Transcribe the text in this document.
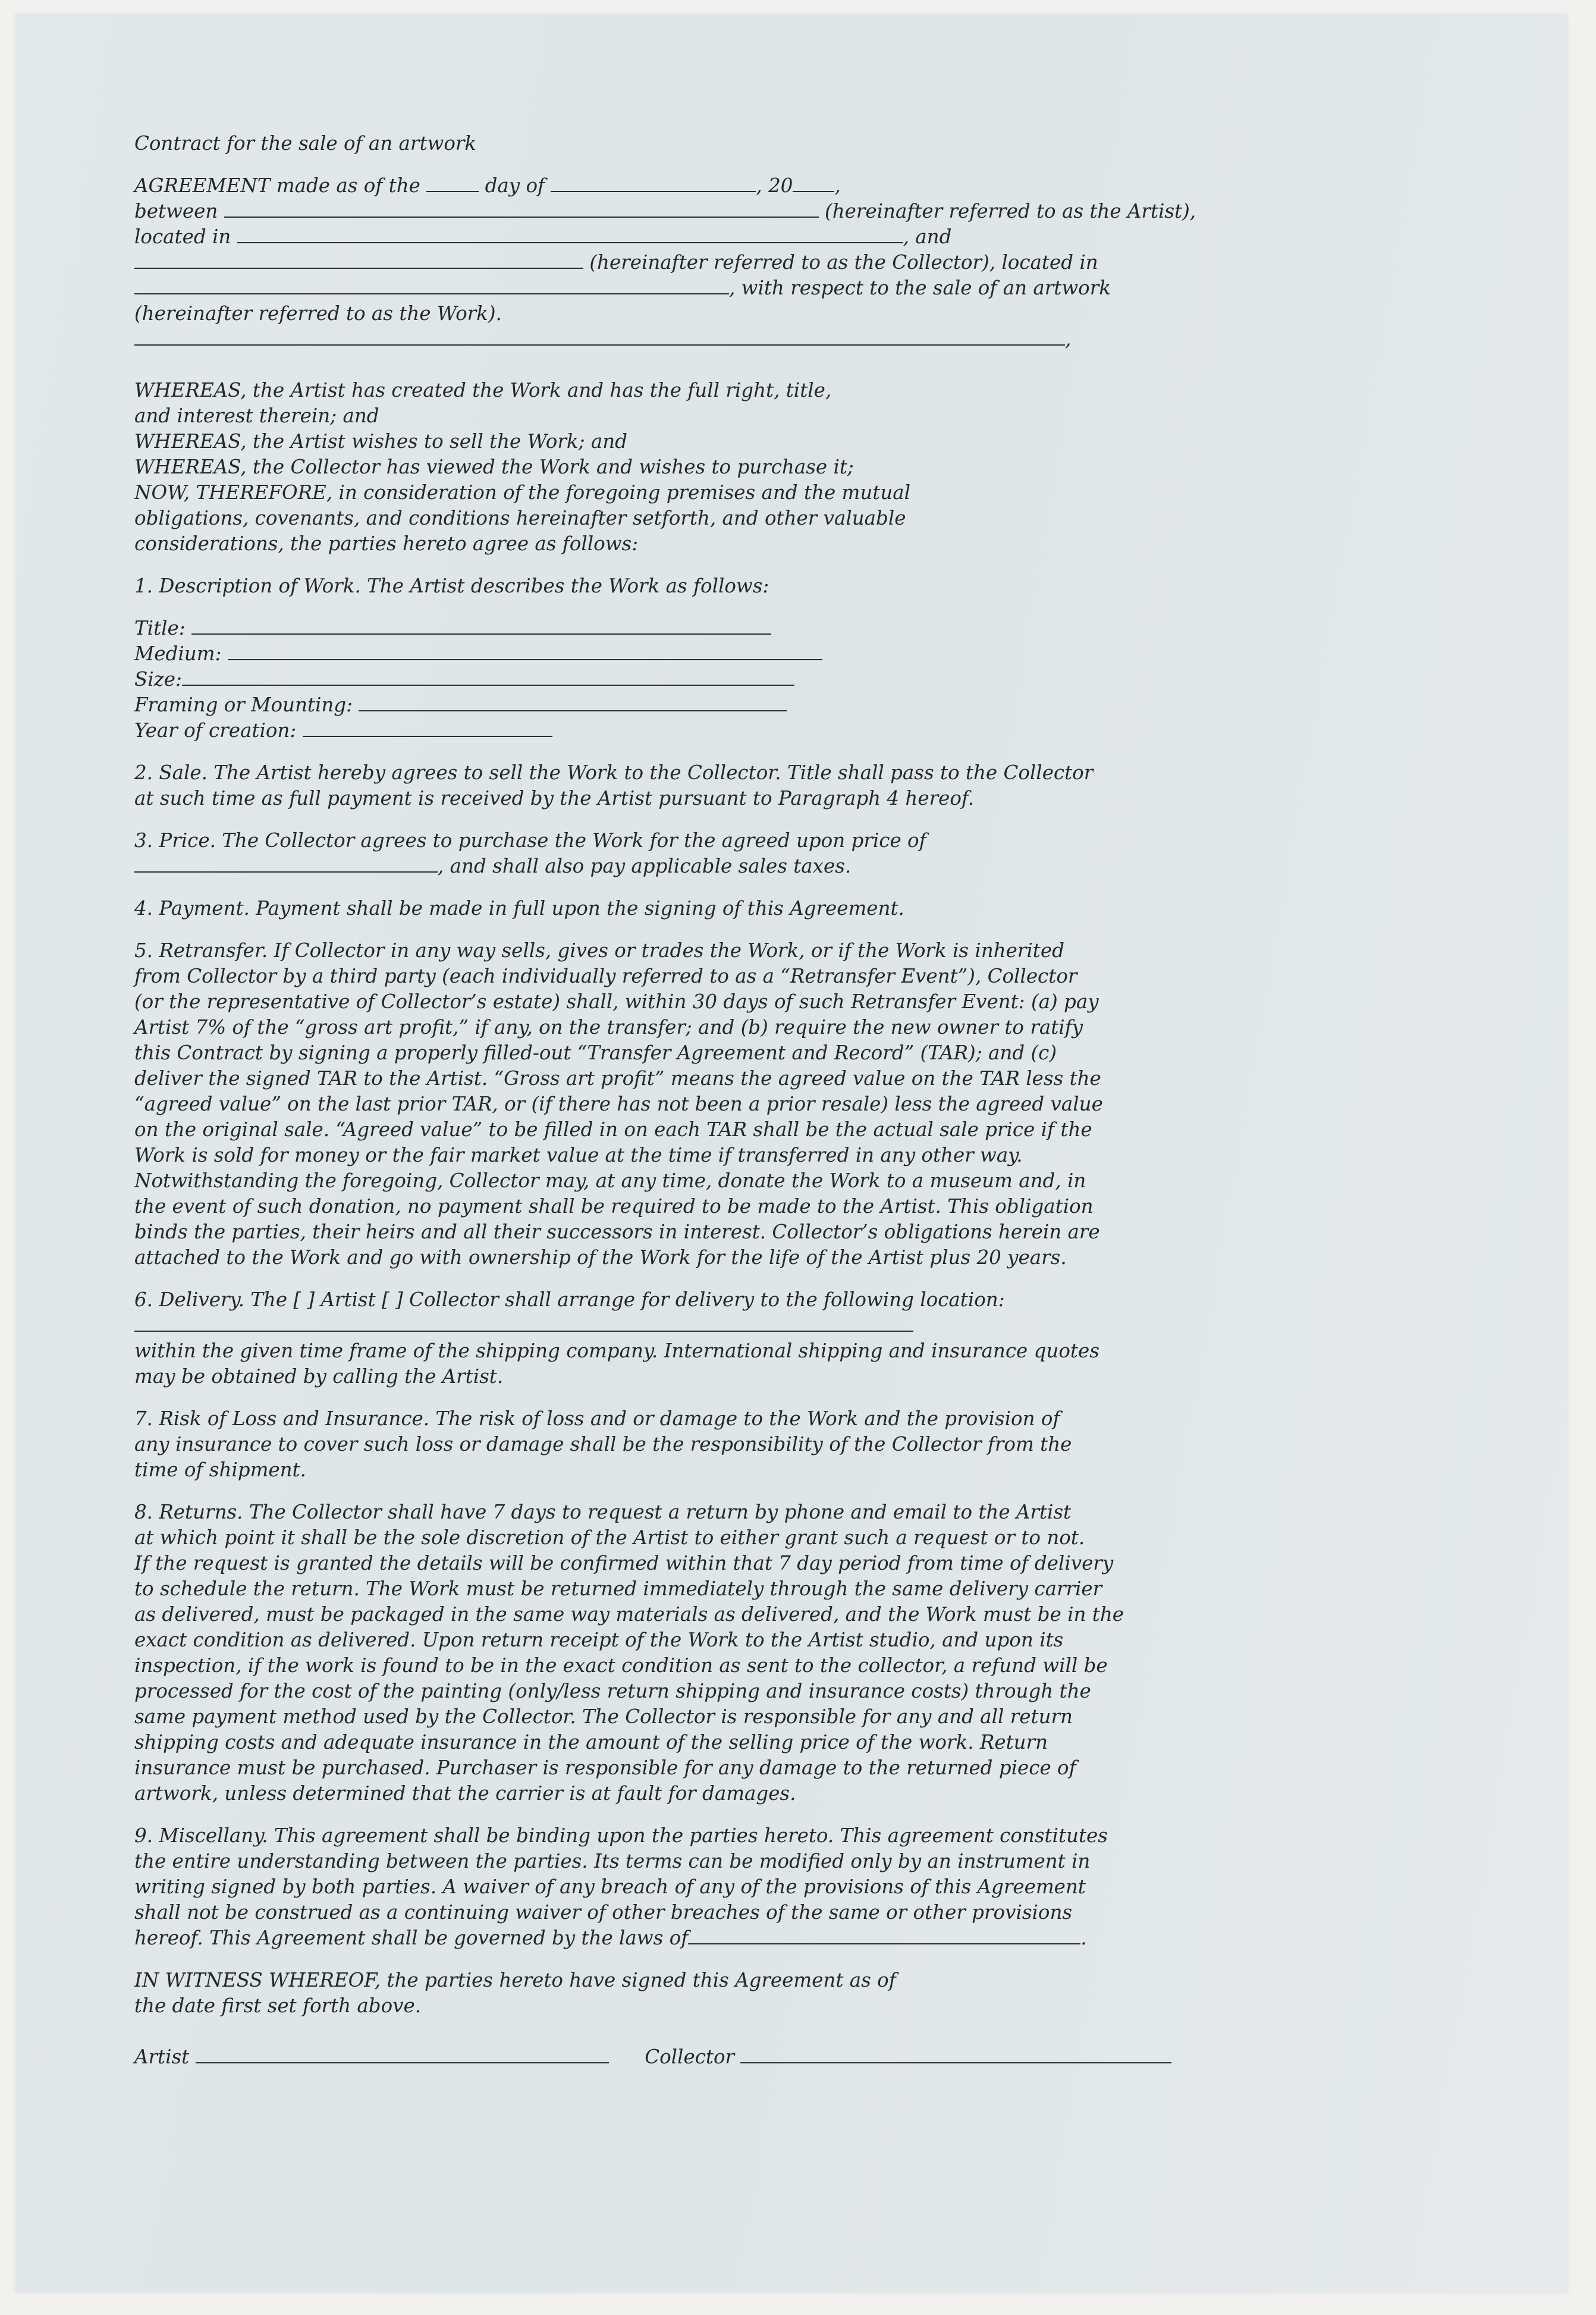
Contract for the sale of an artwork
AGREEMENT made as of the	day of	, 20 ,
between	(hereinafter referred to as the Artist),
located in	, and
(hereinafter referred to as the Collector), located in
, with respect to the sale of an artwork
(hereinafter referred to as the Work).
,
WHEREAS, the Artist has created the Work and has the full right, title,
and interest therein; and
WHEREAS, the Artist wishes to sell the Work; and
WHEREAS, the Collector has viewed the Work and wishes to purchase it;
NOW, THEREFORE, in consideration of the foregoing premises and the mutual
obligations, covenants, and conditions hereinafter setforth, and other valuable
considerations, the parties hereto agree as follows:
1. Description of Work. The Artist describes the Work as follows:
Title:
Medium:
Size:
Framing or Mounting:
Year of creation:
2. Sale. The Artist hereby agrees to sell the Work to the Collector. Title shall pass to the Collector
at such time as full payment is received by the Artist pursuant to Paragraph 4 hereof.
3. Price. The Collector agrees to purchase the Work for the agreed upon price of
, and shall also pay applicable sales taxes.
4. Payment. Payment shall be made in full upon the signing of this Agreement.
5. Retransfer. If Collector in any way sells, gives or trades the Work, or if the Work is inherited
from Collector by a third party (each individually referred to as a “Retransfer Event”), Collector
(or the representative of Collector’s estate) shall, within 30 days of such Retransfer Event: (a) pay
Artist 7% of the “gross art profit,” if any, on the transfer; and (b) require the new owner to ratify
this Contract by signing a properly filled-out “Transfer Agreement and Record” (TAR); and (c)
deliver the signed TAR to the Artist. “Gross art profit” means the agreed value on the TAR less the
“agreed value” on the last prior TAR, or (if there has not been a prior resale) less the agreed value
on the original sale. “Agreed value” to be filled in on each TAR shall be the actual sale price if the
Work is sold for money or the fair market value at the time if transferred in any other way.
Notwithstanding the foregoing, Collector may, at any time, donate the Work to a museum and, in
the event of such donation, no payment shall be required to be made to the Artist. This obligation
binds the parties, their heirs and all their successors in interest. Collector’s obligations herein are
attached to the Work and go with ownership of the Work for the life of the Artist plus 20 years.
6. Delivery. The [ ] Artist [ ] Collector shall arrange for delivery to the following location:
within the given time frame of the shipping company. International shipping and insurance quotes
may be obtained by calling the Artist.
7. Risk of Loss and Insurance. The risk of loss and or damage to the Work and the provision of
any insurance to cover such loss or damage shall be the responsibility of the Collector from the
time of shipment.
8. Returns. The Collector shall have 7 days to request a return by phone and email to the Artist
at which point it shall be the sole discretion of the Artist to either grant such a request or to not.
If the request is granted the details will be confirmed within that 7 day period from time of delivery
to schedule the return. The Work must be returned immediately through the same delivery carrier
as delivered, must be packaged in the same way materials as delivered, and the Work must be in the
exact condition as delivered. Upon return receipt of the Work to the Artist studio, and upon its
inspection, if the work is found to be in the exact condition as sent to the collector, a refund will be
processed for the cost of the painting (only/less return shipping and insurance costs) through the
same payment method used by the Collector. The Collector is responsible for any and all return
shipping costs and adequate insurance in the amount of the selling price of the work. Return
insurance must be purchased. Purchaser is responsible for any damage to the returned piece of
artwork, unless determined that the carrier is at fault for damages.
9. Miscellany. This agreement shall be binding upon the parties hereto. This agreement constitutes
the entire understanding between the parties. Its terms can be modified only by an instrument in
writing signed by both parties. A waiver of any breach of any of the provisions of this Agreement
shall not be construed as a continuing waiver of other breaches of the same or other provisions
hereof. This Agreement shall be governed by the laws of	.
IN WITNESS WHEREOF, the parties hereto have signed this Agreement as of
the date first set forth above.
Artist	Collector
